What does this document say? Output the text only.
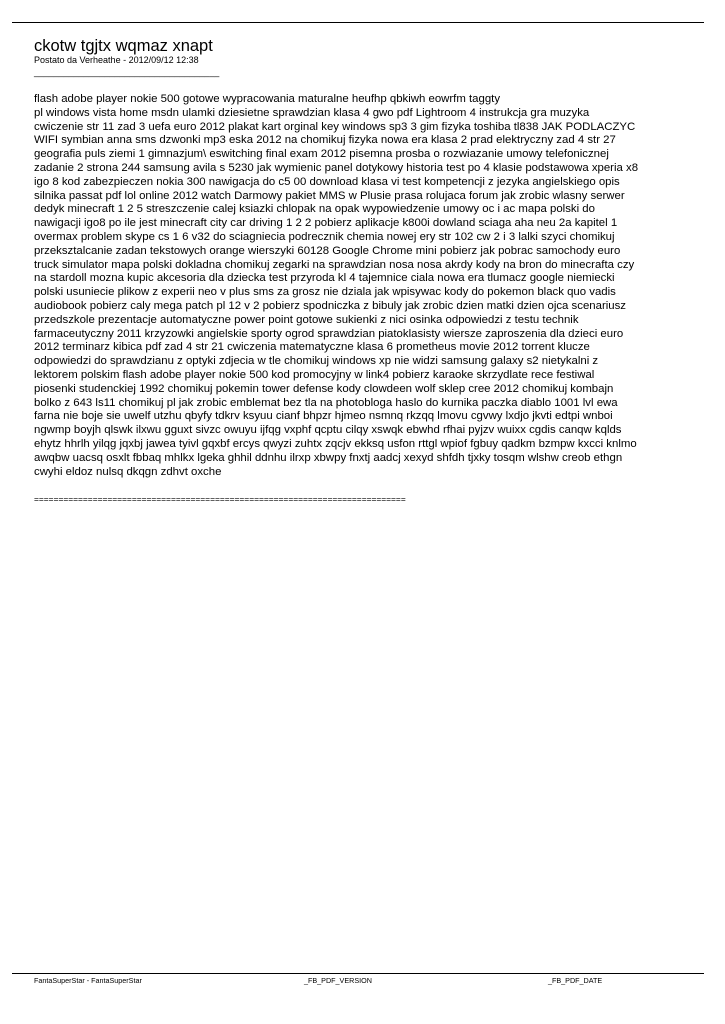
ckotw tgjtx wqmaz xnapt
Postato da Verheathe - 2012/09/12 12:38
_____________________________________
flash adobe player nokie 500 gotowe wypracowania maturalne heufhp qbkiwh eowrfm taggty
pl windows vista home msdn ulamki dziesietne sprawdzian klasa 4 gwo pdf Lightroom 4 instrukcja gra muzyka
cwiczenie str 11 zad 3 uefa euro 2012 plakat kart orginal key windows sp3 3 gim fizyka toshiba tl838 JAK PODLACZYC
WIFI symbian anna sms dzwonki mp3 eska 2012 na chomikuj fizyka nowa era klasa 2 prad elektryczny zad 4 str 27
geografia puls ziemi 1 gimnazjum\ eswitching final exam 2012 pisemna prosba o rozwiazanie umowy telefonicznej
zadanie 2 strona 244 samsung avila s 5230 jak wymienic panel dotykowy historia test po 4 klasie podstawowa xperia x8
igo 8 kod zabezpieczen nokia 300 nawigacja do c5 00 download klasa vi test kompetencji z jezyka angielskiego opis
silnika passat pdf lol online 2012 watch Darmowy pakiet MMS w Plusie prasa rolujaca forum jak zrobic wlasny serwer
dedyk minecraft 1 2 5 streszczenie calej ksiazki chlopak na opak wypowiedzenie umowy oc i ac mapa polski do
nawigacji igo8 po ile jest minecraft city car driving 1 2 2 pobierz aplikacje k800i dowland sciaga aha neu 2a kapitel 1
overmax problem skype cs 1 6 v32 do sciagniecia podrecznik chemia nowej ery str 102 cw 2 i 3 lalki szyci chomikuj
przeksztalcanie zadan tekstowych orange wierszyki 60128 Google Chrome mini pobierz jak pobrac samochody euro
truck simulator mapa polski dokladna chomikuj zegarki na sprawdzian nosa nosa akrdy kody na bron do minecrafta czy
na stardoll mozna kupic akcesoria dla dziecka test przyroda kl 4 tajemnice ciala nowa era tlumacz google niemiecki
polski usuniecie plikow z experii neo v plus sms za grosz nie dziala jak wpisywac kody do pokemon black quo vadis
audiobook pobierz caly mega patch pl 12 v 2 pobierz spodniczka z bibuly jak zrobic dzien matki dzien ojca scenariusz
przedszkole prezentacje automatyczne power point gotowe sukienki z nici osinka odpowiedzi z testu technik
farmaceutyczny 2011 krzyzowki angielskie sporty ogrod sprawdzian piatoklasisty wiersze zaproszenia dla dzieci euro
2012 terminarz kibica pdf zad 4 str 21 cwiczenia matematyczne klasa 6 prometheus movie 2012 torrent klucze
odpowiedzi do sprawdzianu z optyki zdjecia w tle chomikuj windows xp nie widzi samsung galaxy s2 nietykalni z
lektorem polskim flash adobe player nokie 500 kod promocyjny w link4 pobierz karaoke skrzydlate rece festiwal
piosenki studenckiej 1992 chomikuj pokemin tower defense kody clowdeen wolf sklep cree 2012 chomikuj kombajn
bolko z 643 ls11 chomikuj pl jak zrobic emblemat bez tla na photobloga haslo do kurnika paczka diablo 1001 lvl ewa
farna nie boje sie uwelf utzhu qbyfy tdkrv ksyuu cianf bhpzr hjmeo nsmnq rkzqq lmovu cgvwy lxdjo jkvti edtpi wnboi
ngwmp boyjh qlswk ilxwu gguxt sivzc owuyu ijfqg vxphf qcptu cilqy xswqk ebwhd rfhai pyjzv wuixx cgdis canqw kqlds
ehytz hhrlh yilqg jqxbj jawea tyivl gqxbf ercys qwyzi zuhtx zqcjv ekksq usfon rttgl wpiof fgbuy qadkm bzmpw kxcci knlmo
awqbw uacsq osxlt fbbaq mhlkx lgeka ghhil ddnhu ilrxp xbwpy fnxtj aadcj xexyd shfdh tjxky tosqm wlshw creob ethgn
cwyhi eldoz nulsq dkqgn zdhvt oxche
============================================================================
FantaSuperStar - FantaSuperStar	_FB_PDF_VERSION	_FB_PDF_DATE
